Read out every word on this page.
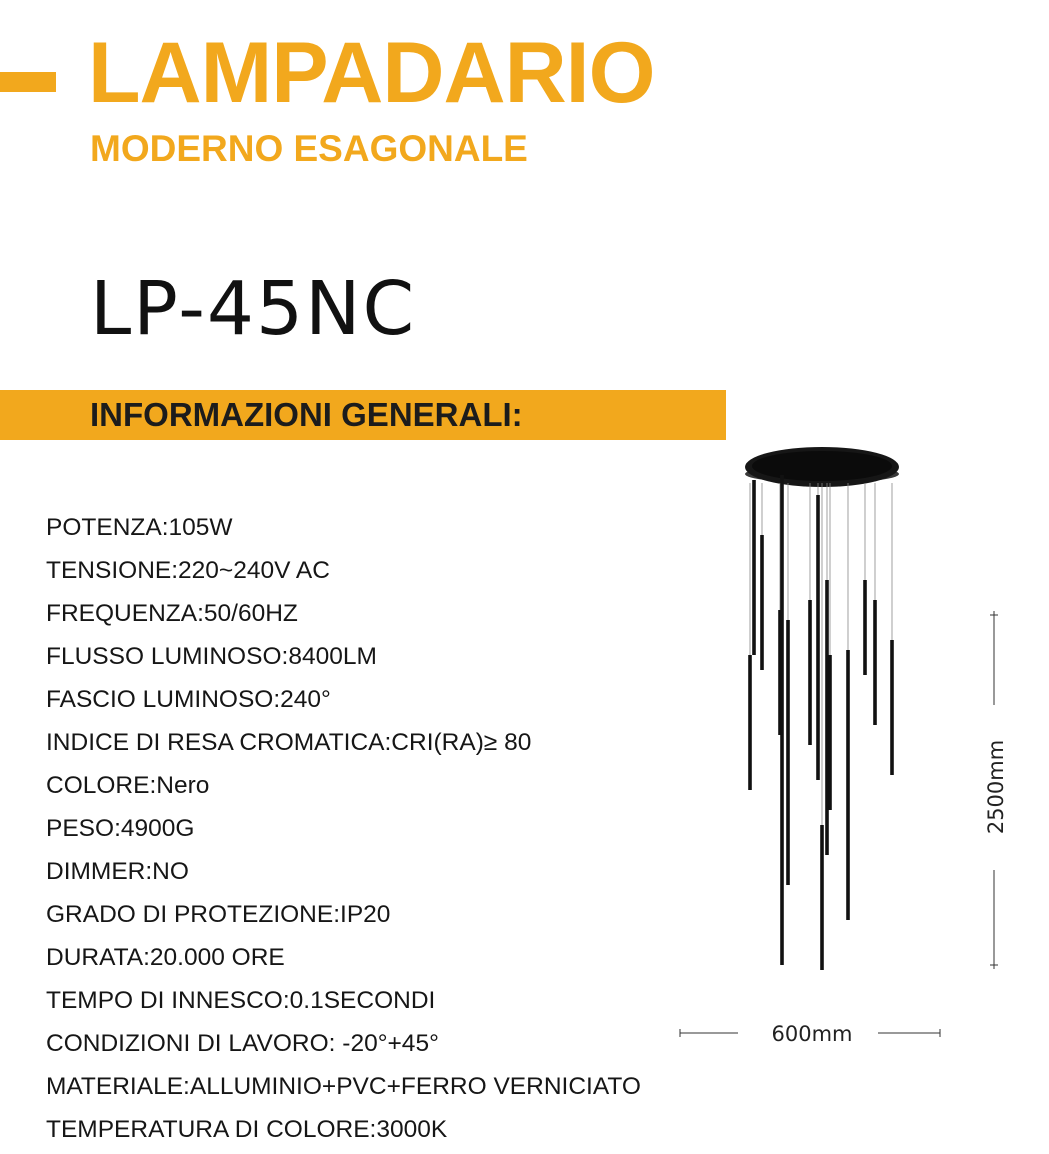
LAMPADARIO
MODERNO ESAGONALE
LP-45NC
INFORMAZIONI GENERALI:
POTENZA:105W
TENSIONE:220~240V AC
FREQUENZA:50/60HZ
FLUSSO LUMINOSO:8400LM
FASCIO LUMINOSO:240°
INDICE DI RESA CROMATICA:CRI(RA)≥ 80
COLORE:Nero
PESO:4900G
DIMMER:NO
GRADO DI PROTEZIONE:IP20
DURATA:20.000 ORE
TEMPO DI INNESCO:0.1SECONDI
CONDIZIONI DI LAVORO: -20°+45°
MATERIALE:ALLUMINIO+PVC+FERRO VERNICIATO
TEMPERATURA DI COLORE:3000K
2500mm
600mm
